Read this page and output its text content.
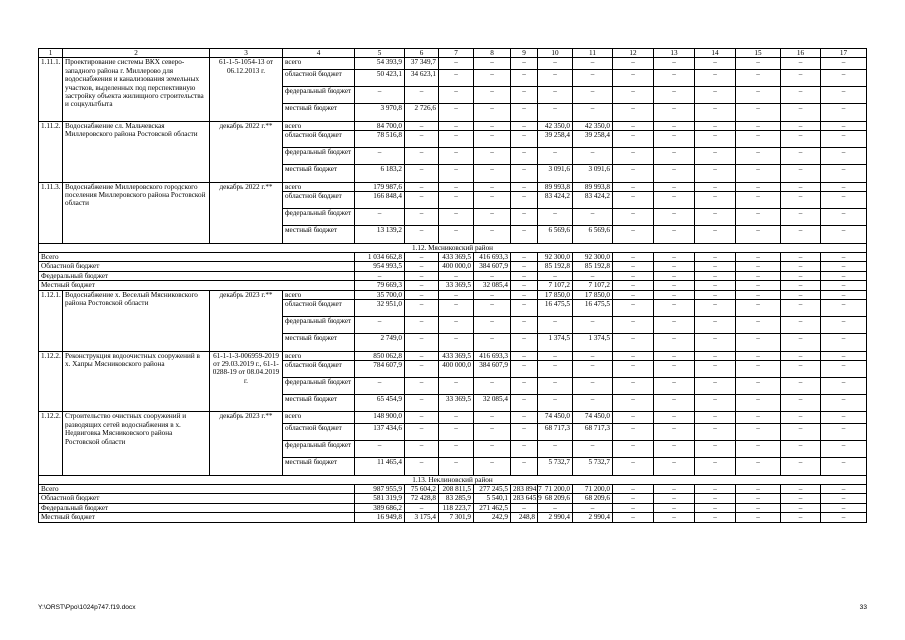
1	2	3	4	5	6	7	8	9	10	11	12	13	14	15	16	17
1.11.1.	Проектирование системы ВКХ северо-западного района г. Миллерово для водоснабжения и канализования земельных участков, выделенных под перспективную застройку объекта жилищного строительства и соцкультбыта	61-1-5-1054-13 от 06.12.2013 г.	всего	54 393,9	37 349,7	–	–	–	–	–	–	–	–	–	–	–
			областной бюджет	50 423,1	34 623,1	–	–	–	–	–	–	–	–	–	–	–
			федеральный бюджет	–	–	–	–	–	–	–	–	–	–	–	–	–
			местный бюджет	3 970,8	2 726,6	–	–	–	–	–	–	–	–	–	–	–
1.11.2.	Водоснабжение сл. Мальчевская Миллеровского района Ростовской области	декабрь 2022 г.**	всего	84 700,0	–	–	–	–	42 350,0	42 350,0	–	–	–	–	–	–
			областной бюджет	78 516,8	–	–	–	–	39 258,4	39 258,4	–	–	–	–	–	–
			федеральный бюджет	–	–	–	–	–	–	–	–	–	–	–	–	–
			местный бюджет	6 183,2	–	–	–	–	3 091,6	3 091,6	–	–	–	–	–	–
1.11.3.	Водоснабжение Миллеровского городского поселения Миллеровского района Ростовской области	декабрь 2022 г.**	всего	179 987,6	–	–	–	–	89 993,8	89 993,8	–	–	–	–	–	–
			областной бюджет	166 848,4	–	–	–	–	83 424,2	83 424,2	–	–	–	–	–	–
			федеральный бюджет	–	–	–	–	–	–	–	–	–	–	–	–	–
			местный бюджет	13 139,2	–	–	–	–	6 569,6	6 569,6	–	–	–	–	–	–
1.12. Мясниковский район																
Всего				1 034 662,8	–	433 369,5	416 693,3	–	92 300,0	92 300,0	–	–	–	–	–	–
Областной бюджет				954 993,5	–	400 000,0	384 607,9	–	85 192,8	85 192,8	–	–	–	–	–	–
Федеральный бюджет				–	–	–	–	–	–	–	–	–	–	–	–	–
Местный бюджет				79 669,3	–	33 369,5	32 085,4	–	7 107,2	7 107,2	–	–	–	–	–	–
1.12.1.	Водоснабжение х. Веселый Мясниковского района Ростовской области	декабрь 2023 г.**	всего	35 700,0	–	–	–	–	17 850,0	17 850,0	–	–	–	–	–	–
			областной бюджет	32 951,0	–	–	–	–	16 475,5	16 475,5	–	–	–	–	–	–
			федеральный бюджет	–	–	–	–	–	–	–	–	–	–	–	–	–
			местный бюджет	2 749,0	–	–	–	–	1 374,5	1 374,5	–	–	–	–	–	–
1.12.2.	Реконструкция водоочистных сооружений в х. Хапры Мясниковского района	61-1-1-3-006959-2019 от 29.03.2019 г., 61-1-0288-19 от 08.04.2019 г.	всего	850 062,8	–	433 369,5	416 693,3	–	–	–	–	–	–	–	–	–
			областной бюджет	784 607,9	–	400 000,0	384 607,9	–	–	–	–	–	–	–	–	–
			федеральный бюджет	–	–	–	–	–	–	–	–	–	–	–	–	–
			местный бюджет	65 454,9	–	33 369,5	32 085,4	–	–	–	–	–	–	–	–	–
1.12.2.	Строительство очистных сооружений и разводящих сетей водоснабжения в х. Недвиговка Мясниковского района Ростовской области	декабрь 2023 г.**	всего	148 900,0	–	–	–	–	74 450,0	74 450,0	–	–	–	–	–	–
			областной бюджет	137 434,6	–	–	–	–	68 717,3	68 717,3	–	–	–	–	–	–
			федеральный бюджет	–	–	–	–	–	–	–	–	–	–	–	–	–
			местный бюджет	11 465,4	–	–	–	–	5 732,7	5 732,7	–	–	–	–	–	–
1.13. Неклиновский район																
Всего				987 955,9	75 604,2	208 811,5	277 245,5	283 894,7	71 200,0	71 200,0	–	–	–	–	–	–
Областной бюджет				581 319,9	72 428,8	83 285,9	5 540,1	283 645,9	68 209,6	68 209,6	–	–	–	–	–	–
Федеральный бюджет				389 686,2	–	118 223,7	271 462,5	–	–	–	–	–	–	–	–	–
Местный бюджет				16 949,8	3 175,4	7 301,9	242,9	248,8	2 990,4	2 990,4	–	–	–	–	–	–
Y:\ORST\Ppo\1024p747.f19.docx	33
